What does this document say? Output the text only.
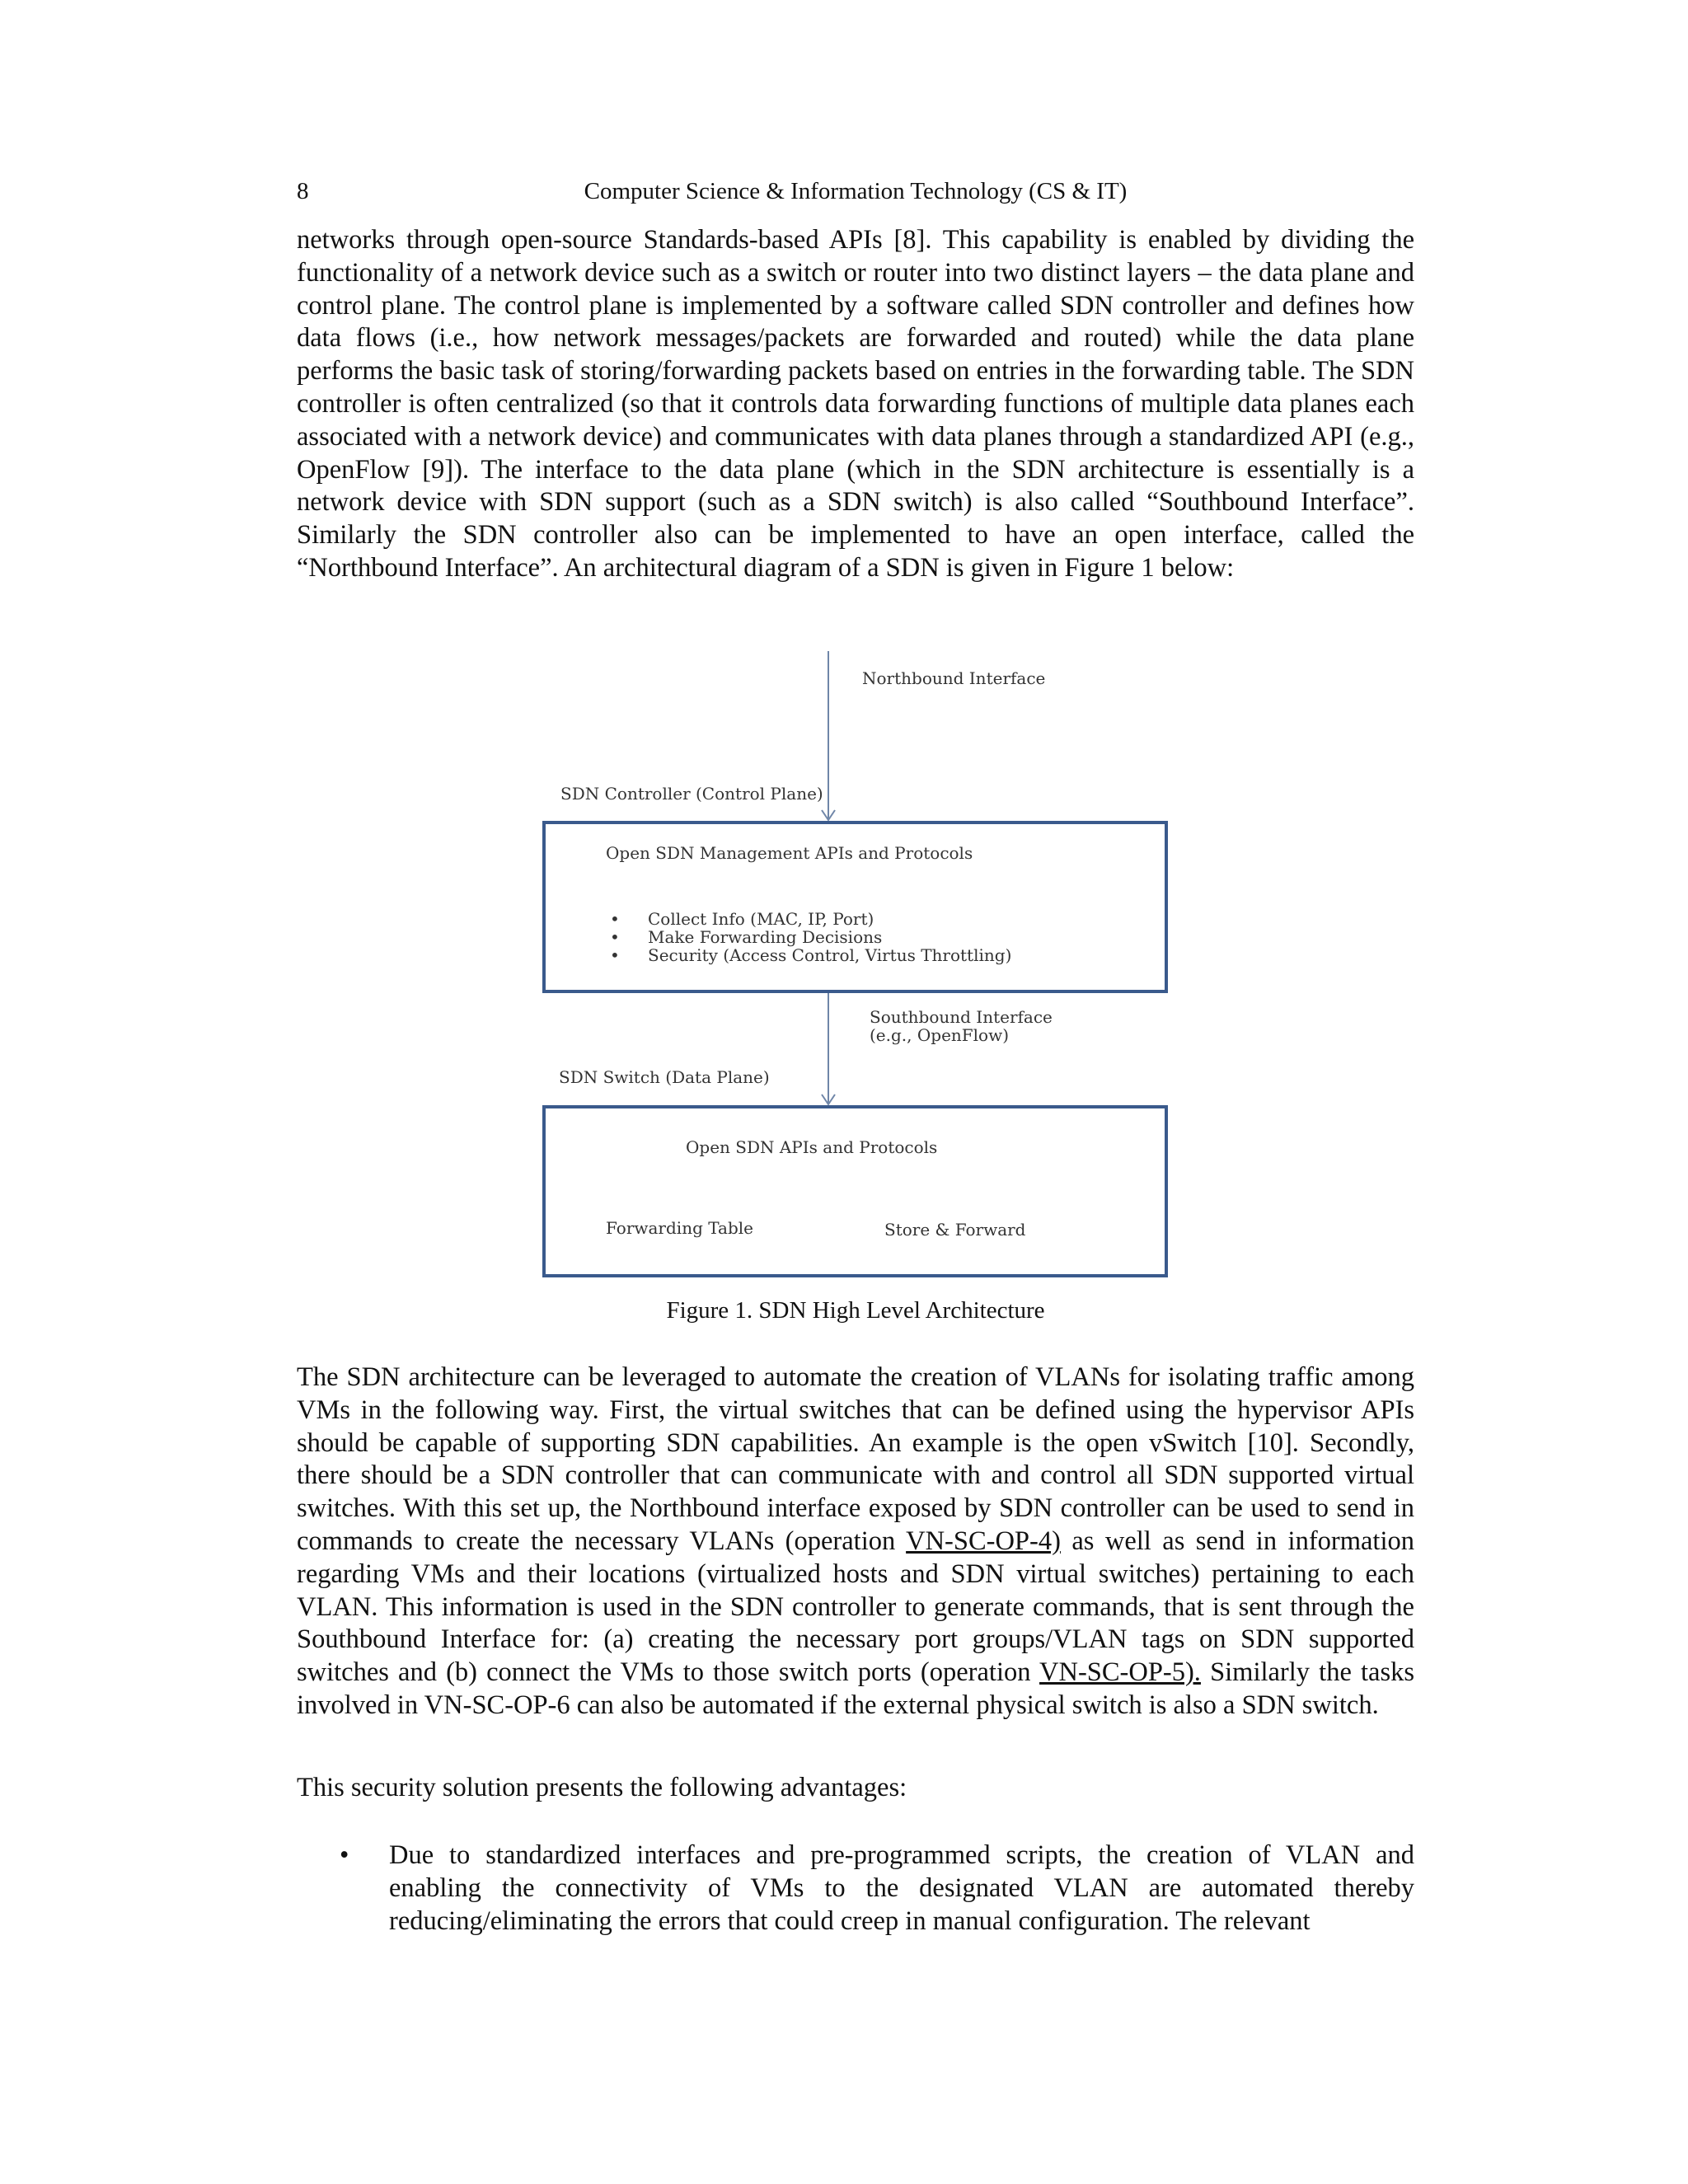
8	Computer Science & Information Technology (CS & IT)

networks through open-source Standards-based APIs [8]. This capability is enabled by dividing the functionality of a network device such as a switch or router into two distinct layers – the data plane and control plane. The control plane is implemented by a software called SDN controller and defines how data flows (i.e., how network messages/packets are forwarded and routed) while the data plane performs the basic task of storing/forwarding packets based on entries in the forwarding table. The SDN controller is often centralized (so that it controls data forwarding functions of multiple data planes each associated with a network device) and communicates with data planes through a standardized API (e.g., OpenFlow [9]). The interface to the data plane (which in the SDN architecture is essentially is a network device with SDN support (such as a SDN switch) is also called “Southbound Interface”. Similarly the SDN controller also can be implemented to have an open interface, called the “Northbound Interface”. An architectural diagram of a SDN is given in Figure 1 below:

Northbound Interface
SDN Controller (Control Plane)
Open SDN Management APIs and Protocols
• Collect Info (MAC, IP, Port)
• Make Forwarding Decisions
• Security (Access Control, Virtus Throttling)
Southbound Interface
(e.g., OpenFlow)
SDN Switch (Data Plane)
Open SDN APIs and Protocols
Forwarding Table	Store & Forward
Figure 1. SDN High Level Architecture

The SDN architecture can be leveraged to automate the creation of VLANs for isolating traffic among VMs in the following way. First, the virtual switches that can be defined using the hypervisor APIs should be capable of supporting SDN capabilities. An example is the open vSwitch [10]. Secondly, there should be a SDN controller that can communicate with and control all SDN supported virtual switches. With this set up, the Northbound interface exposed by SDN controller can be used to send in commands to create the necessary VLANs (operation VN-SC-OP-4) as well as send in information regarding VMs and their locations (virtualized hosts and SDN virtual switches) pertaining to each VLAN. This information is used in the SDN controller to generate commands, that is sent through the Southbound Interface for: (a) creating the necessary port groups/VLAN tags on SDN supported switches and (b) connect the VMs to those switch ports (operation VN-SC-OP-5). Similarly the tasks involved in VN-SC-OP-6 can also be automated if the external physical switch is also a SDN switch.

This security solution presents the following advantages:

• Due to standardized interfaces and pre-programmed scripts, the creation of VLAN and enabling the connectivity of VMs to the designated VLAN are automated thereby reducing/eliminating the errors that could creep in manual configuration. The relevant
